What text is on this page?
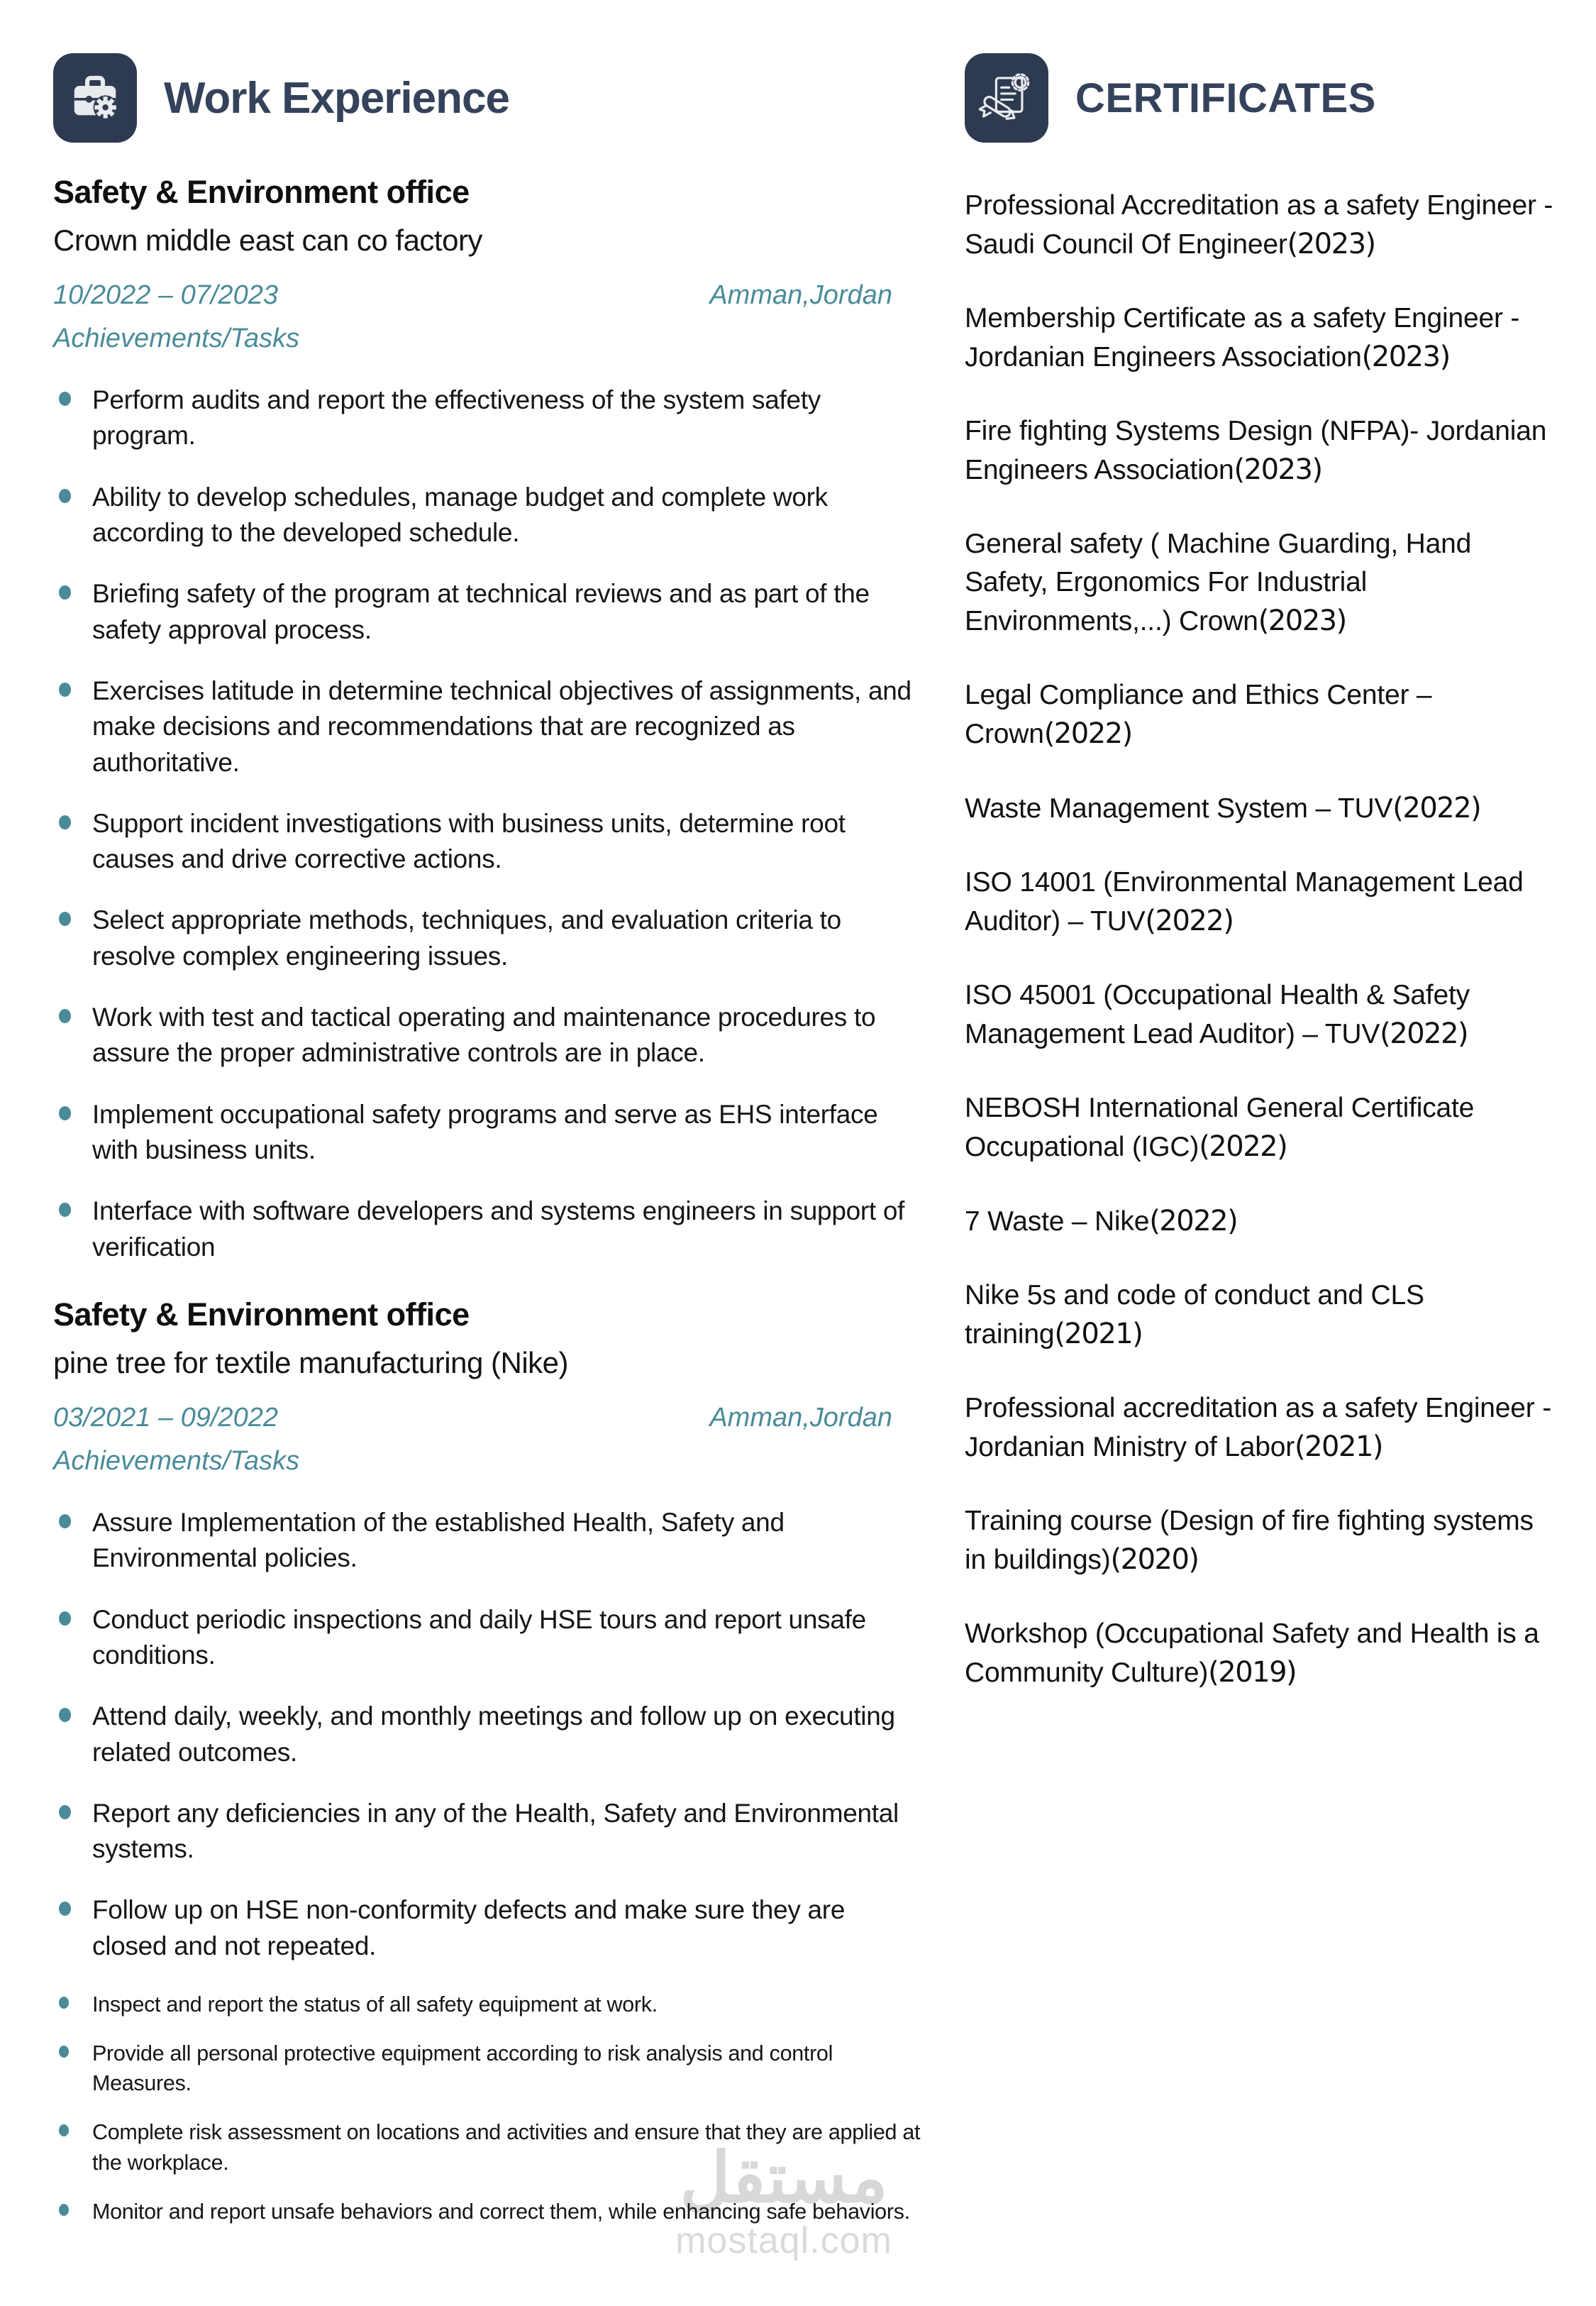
مستقل
mostaql.com
Work Experience
Safety & Environment office
Crown middle east can co factory
10/2022 – 07/2023	Amman,Jordan
Achievements/Tasks
Perform audits and report the effectiveness of the system safety program.
Ability to develop schedules, manage budget and complete work according to the developed schedule.
Briefing safety of the program at technical reviews and as part of the safety approval process.
Exercises latitude in determine technical objectives of assignments, and make decisions and recommendations that are recognized as authoritative.
Support incident investigations with business units, determine root causes and drive corrective actions.
Select appropriate methods, techniques, and evaluation criteria to resolve complex engineering issues.
Work with test and tactical operating and maintenance procedures to assure the proper administrative controls are in place.
Implement occupational safety programs and serve as EHS interface with business units.
Interface with software developers and systems engineers in support of verification
Safety & Environment office
pine tree for textile manufacturing (Nike)
03/2021 – 09/2022	Amman,Jordan
Achievements/Tasks
Assure Implementation of the established Health, Safety and Environmental policies.
Conduct periodic inspections and daily HSE tours and report unsafe conditions.
Attend daily, weekly, and monthly meetings and follow up on executing related outcomes.
Report any deficiencies in any of the Health, Safety and Environmental systems.
Follow up on HSE non-conformity defects and make sure they are closed and not repeated.
Inspect and report the status of all safety equipment at work.
Provide all personal protective equipment according to risk analysis and control Measures.
Complete risk assessment on locations and activities and ensure that they are applied at the workplace.
Monitor and report unsafe behaviors and correct them, while enhancing safe behaviors.
CERTIFICATES
Professional Accreditation as a safety Engineer - Saudi Council Of Engineer(2023)
Membership Certificate as a safety Engineer - Jordanian Engineers Association(2023)
Fire fighting Systems Design (NFPA)- Jordanian Engineers Association(2023)
General safety ( Machine Guarding, Hand Safety, Ergonomics For Industrial Environments,...) Crown(2023)
Legal Compliance and Ethics Center – Crown(2022)
Waste Management System – TUV(2022)
ISO 14001 (Environmental Management Lead Auditor) – TUV(2022)
ISO 45001 (Occupational Health & Safety Management Lead Auditor) – TUV(2022)
NEBOSH International General Certificate Occupational (IGC)(2022)
7 Waste – Nike(2022)
Nike 5s and code of conduct and CLS training(2021)
Professional accreditation as a safety Engineer - Jordanian Ministry of Labor(2021)
Training course (Design of fire fighting systems in buildings)(2020)
Workshop (Occupational Safety and Health is a Community Culture)(2019)
